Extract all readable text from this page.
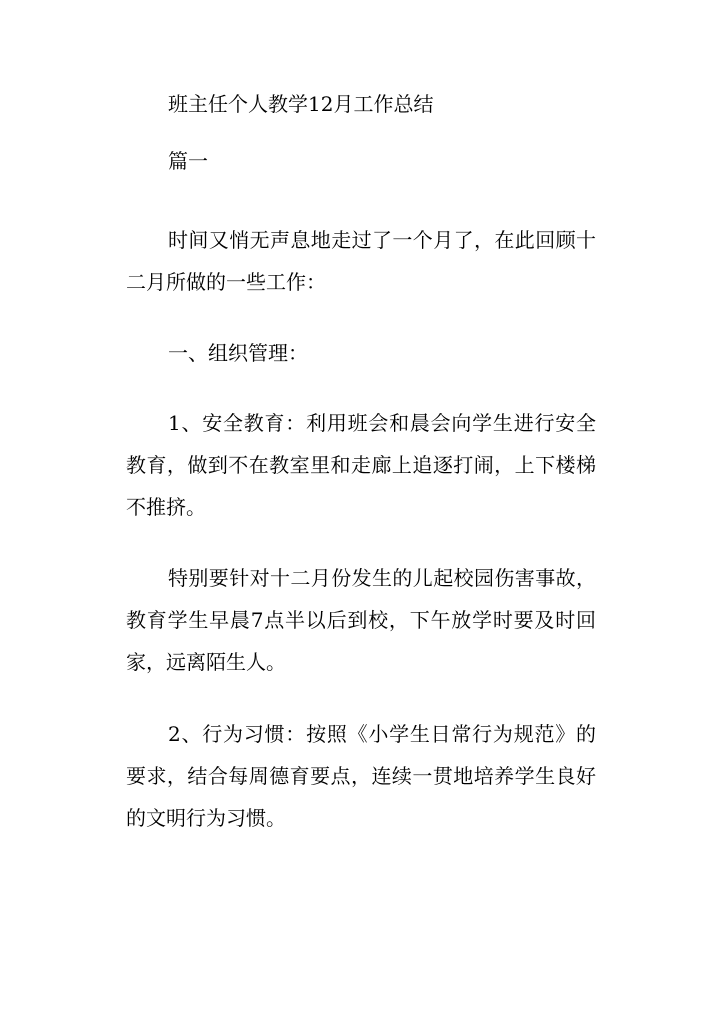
班主任个人教学12月工作总结

篇一

时间又悄无声息地走过了一个月了，在此回顾十二月所做的一些工作：

一、组织管理：

1、安全教育：利用班会和晨会向学生进行安全教育，做到不在教室里和走廊上追逐打闹，上下楼梯不推挤。

特别要针对十二月份发生的儿起校园伤害事故，教育学生早晨7点半以后到校，下午放学时要及时回家，远离陌生人。

2、行为习惯：按照《小学生日常行为规范》的要求，结合每周德育要点，连续一贯地培养学生良好的文明行为习惯。
